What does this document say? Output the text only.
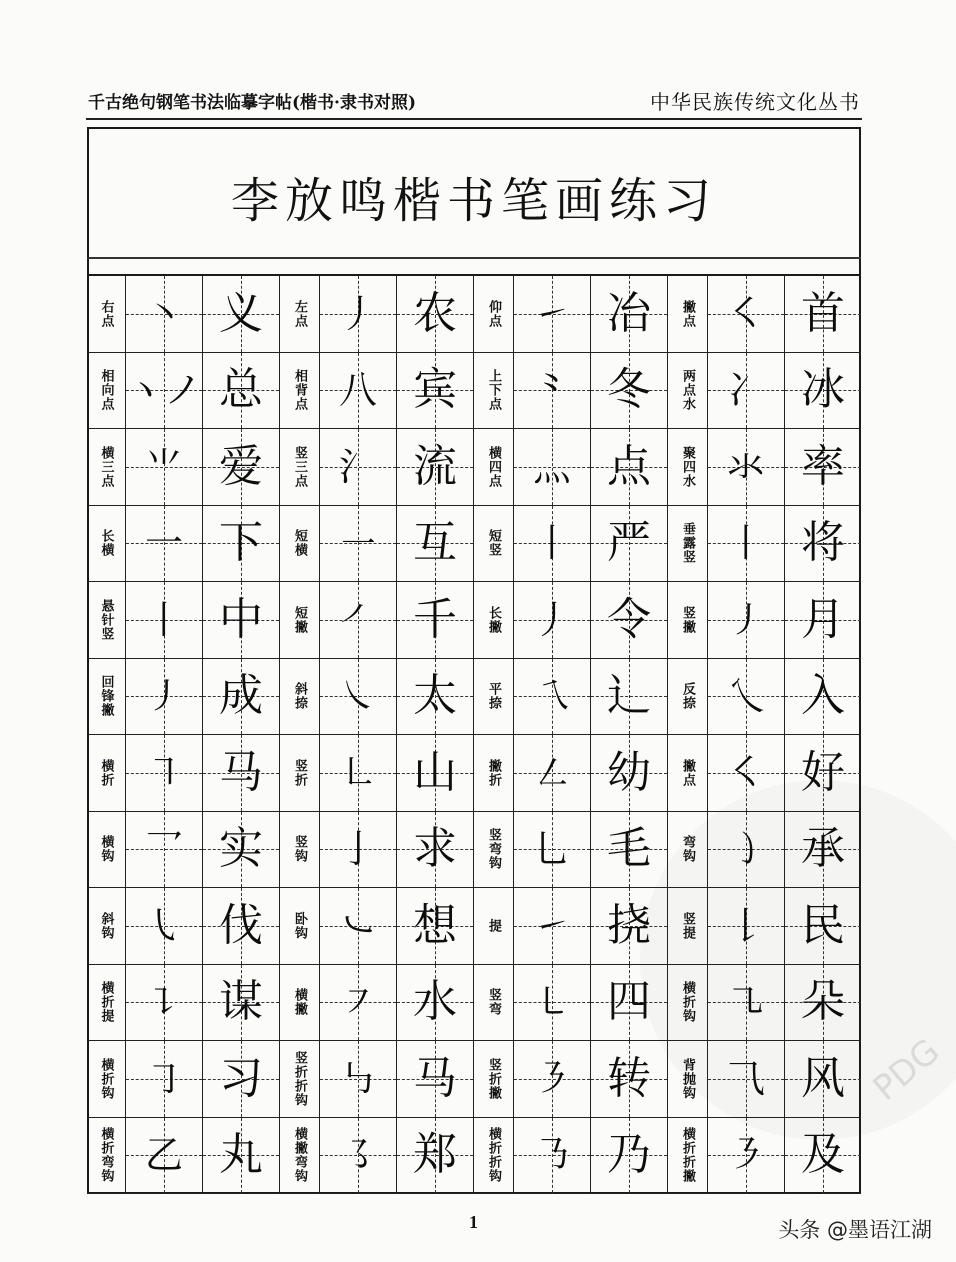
千古绝句钢笔书法临摹字帖(楷书·隶书对照)	中华民族传统文化丛书
PDG
李放鸣楷书笔画练习
右点 ㇔ 义 左点 丿 农 仰点 ㇀ 冶 撇点 ㇛ 首
相向点 ヽノ 总 相背点 八 宾 上下点 ⺀ 冬 两点水 冫 冰
横三点 ⺌ 爱 竖三点 氵 流 横四点 灬 点 聚四水 氺 率
长横 一 下 短横 ㇐ 互 短竖 丨 严 垂露竖 丨 将
悬针竖 丨 中 短撇 ㇒ 千 长撇 丿 令 竖撇 ㇓ 月
回锋撇 ㇓ 成 斜捺 ㇏ 太 平捺 ㇝ 辶 反捺 乀 入
横折 ㇕ 马 竖折 ㇗ 山 撇折 ㇜ 幼 撇点 ㇛ 好
横钩 乛 实 竖钩 亅 求 竖弯钩 乚 毛 弯钩 ㇁ 承
斜钩 ㇂ 伐 卧钩 ㇃ 想 提 ㇀ 挠 竖提 𠄌 民
横折提 ㇊ 谋 横撇 ㇇ 水 竖弯 ㇄ 四 横折钩 ㇈ 朵
横折钩 ㇆ 习 竖折折钩 ㇉ 马 竖折撇 ㇋ 转 背抛钩 ⺄ 风
横折弯钩 乙 丸 横撇弯钩 ㇌ 郑 横折折钩 ㇡ 乃 横折折撇 ㇋ 及
1	头条 @墨语江湖
